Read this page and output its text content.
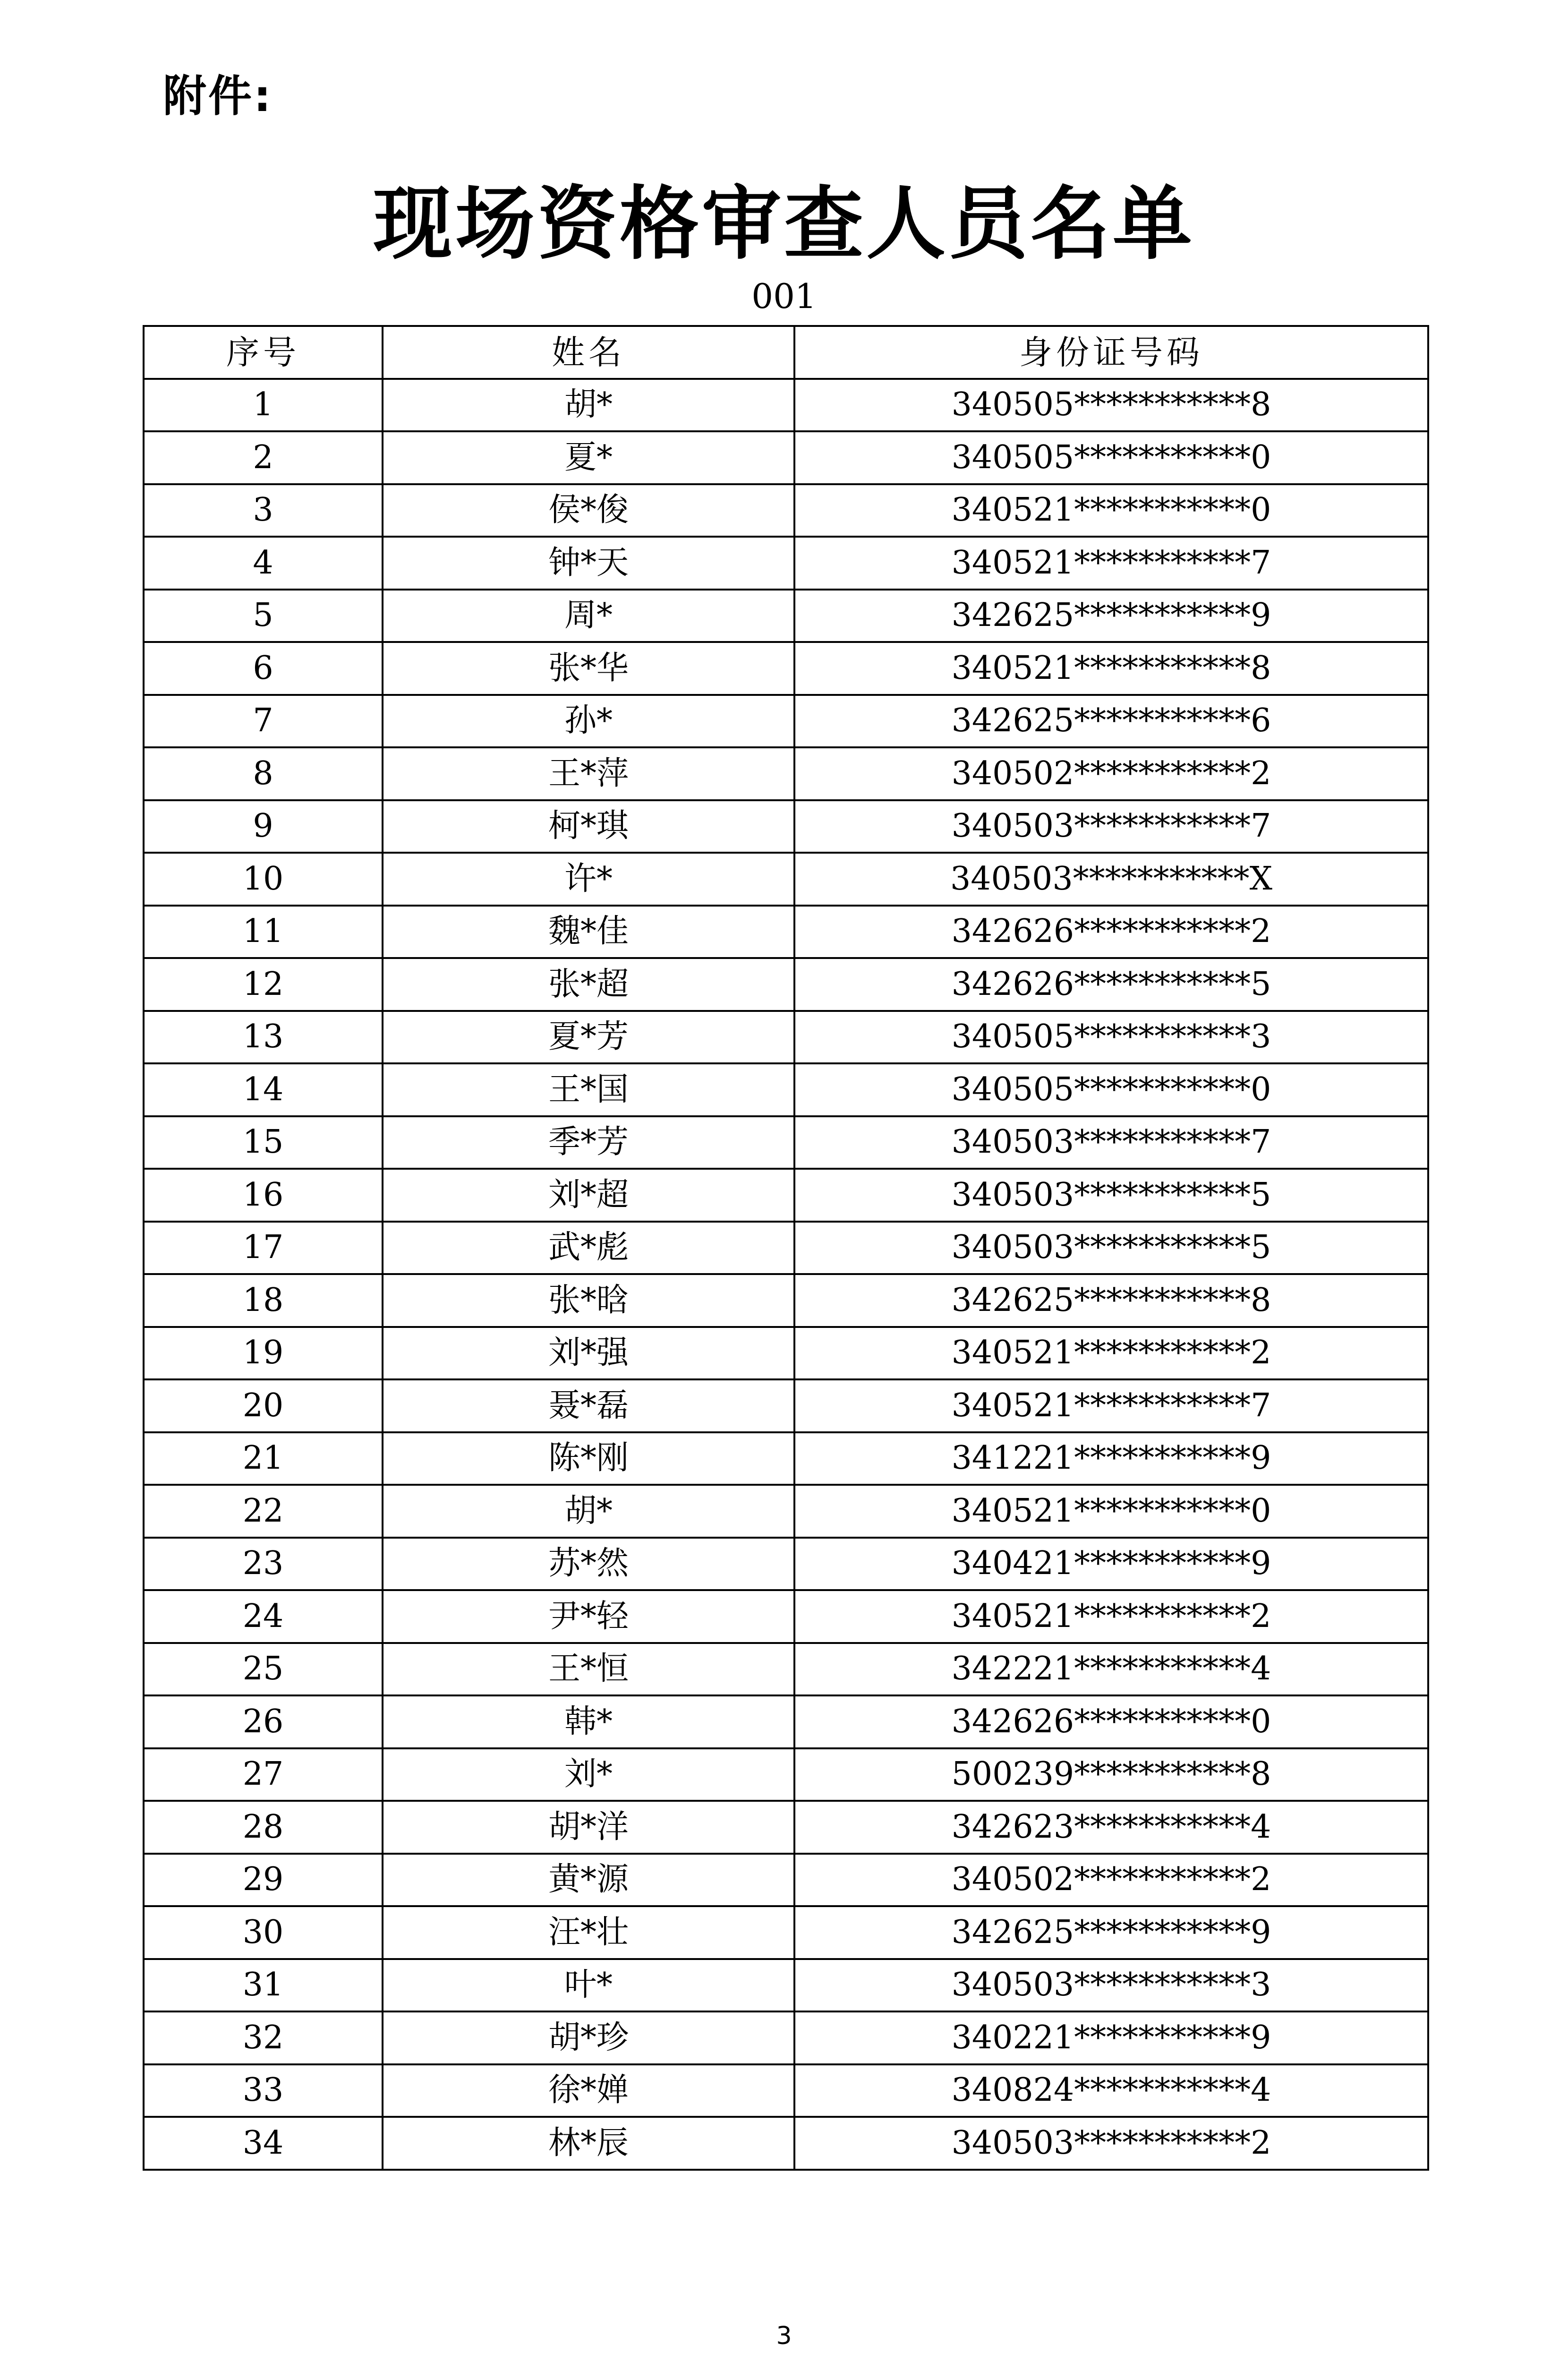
附件:
现场资格审查人员名单
001
序号	姓名	身份证号码
1	胡*	340505***********8
2	夏*	340505***********0
3	侯*俊	340521***********0
4	钟*天	340521***********7
5	周*	342625***********9
6	张*华	340521***********8
7	孙*	342625***********6
8	王*萍	340502***********2
9	柯*琪	340503***********7
10	许*	340503***********X
11	魏*佳	342626***********2
12	张*超	342626***********5
13	夏*芳	340505***********3
14	王*国	340505***********0
15	季*芳	340503***********7
16	刘*超	340503***********5
17	武*彪	340503***********5
18	张*晗	342625***********8
19	刘*强	340521***********2
20	聂*磊	340521***********7
21	陈*刚	341221***********9
22	胡*	340521***********0
23	苏*然	340421***********9
24	尹*轻	340521***********2
25	王*恒	342221***********4
26	韩*	342626***********0
27	刘*	500239***********8
28	胡*洋	342623***********4
29	黄*源	340502***********2
30	汪*壮	342625***********9
31	叶*	340503***********3
32	胡*珍	340221***********9
33	徐*婵	340824***********4
34	林*辰	340503***********2
3
